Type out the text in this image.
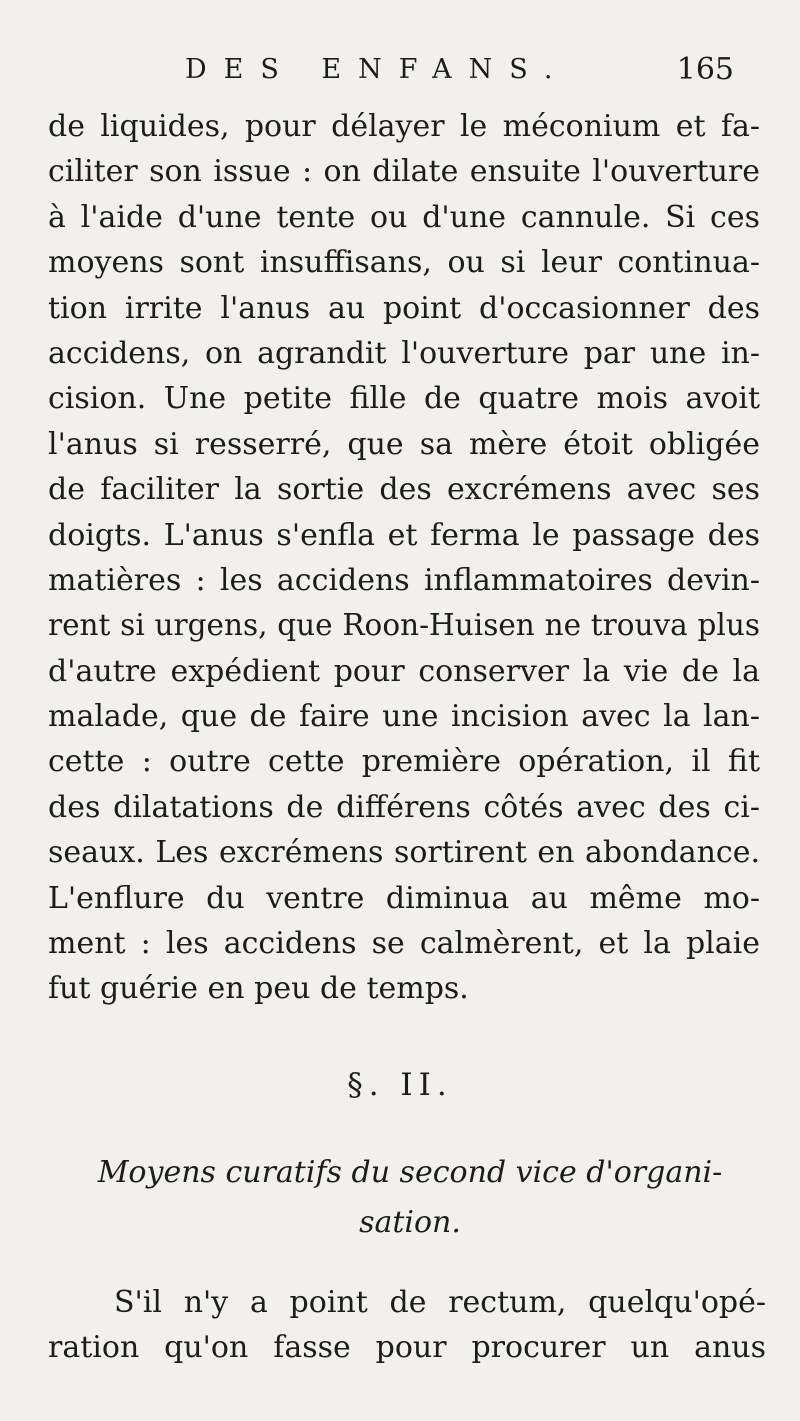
DES ENFANS.	165
de liquides, pour délayer le méconium et fa-
ciliter son issue : on dilate ensuite l'ouverture
à l'aide d'une tente ou d'une cannule. Si ces
moyens sont insuffisans, ou si leur continua-
tion irrite l'anus au point d'occasionner des
accidens, on agrandit l'ouverture par une in-
cision. Une petite fille de quatre mois avoit
l'anus si resserré, que sa mère étoit obligée
de faciliter la sortie des excrémens avec ses
doigts. L'anus s'enfla et ferma le passage des
matières : les accidens inflammatoires devin-
rent si urgens, que Roon-Huisen ne trouva plus
d'autre expédient pour conserver la vie de la
malade, que de faire une incision avec la lan-
cette : outre cette première opération, il fit
des dilatations de différens côtés avec des ci-
seaux. Les excrémens sortirent en abondance.
L'enflure du ventre diminua au même mo-
ment : les accidens se calmèrent, et la plaie
fut guérie en peu de temps.
§. II.
Moyens curatifs du second vice d'organi-
sation.
S'il n'y a point de rectum, quelqu'opé-
ration qu'on fasse pour procurer un anus
